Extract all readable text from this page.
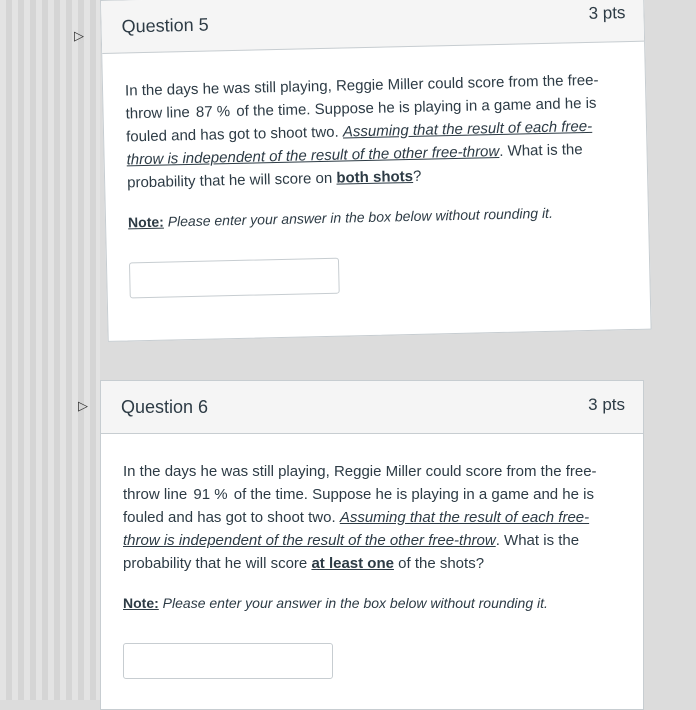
▷
▷
Question 5
3 pts

In the days he was still playing, Reggie Miller could score from the free-throw line 87 % of the time. Suppose he is playing in a game and he is fouled and has got to shoot two. Assuming that the result of each free-throw is independent of the result of the other free-throw. What is the probability that he will score on both shots?

Note: Please enter your answer in the box below without rounding it.

Question 6	3 pts

In the days he was still playing, Reggie Miller could score from the free-throw line 91 % of the time. Suppose he is playing in a game and he is fouled and has got to shoot two. Assuming that the result of each free-throw is independent of the result of the other free-throw. What is the probability that he will score at least one of the shots?

Note: Please enter your answer in the box below without rounding it.
